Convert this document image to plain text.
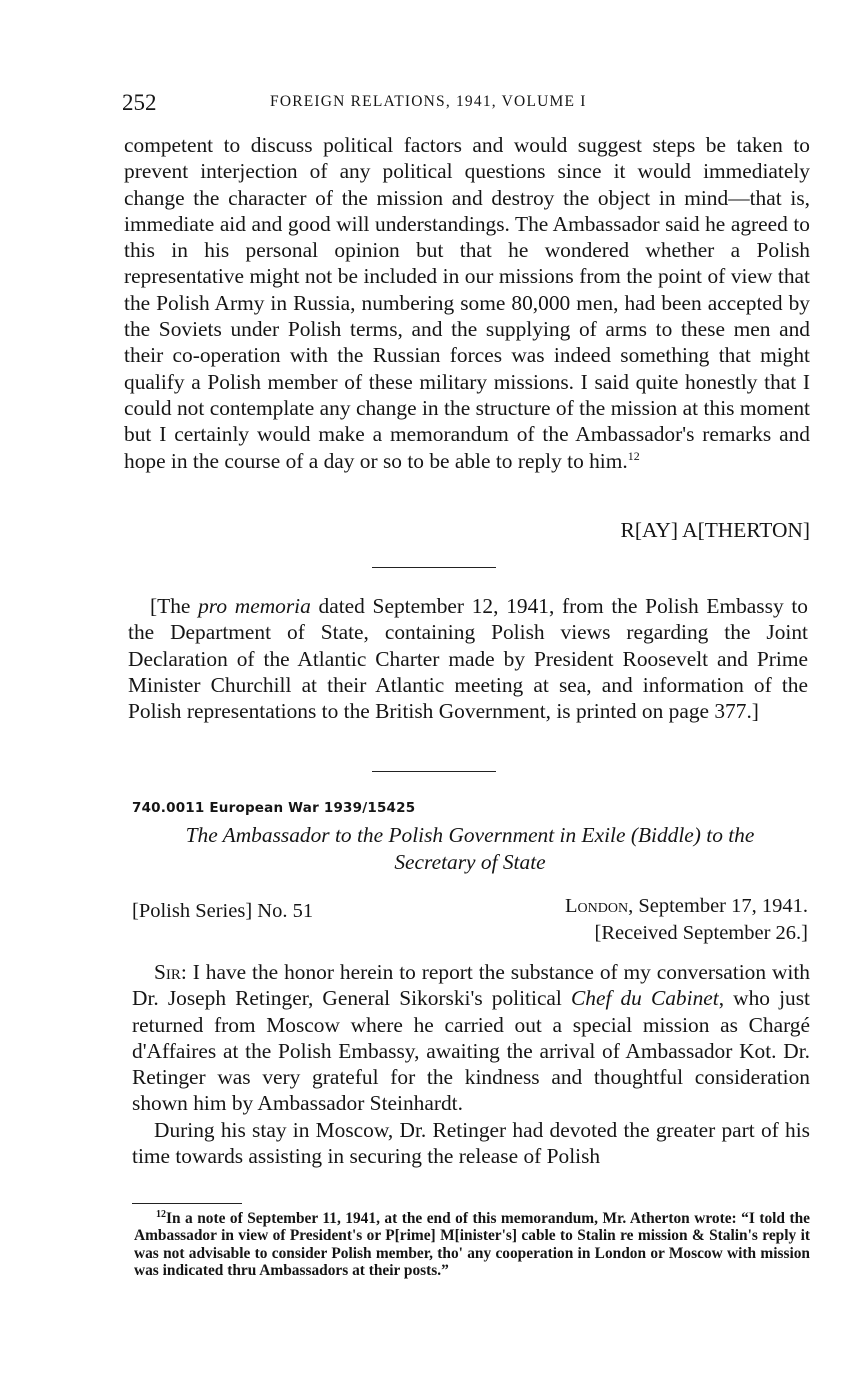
252	FOREIGN RELATIONS, 1941, VOLUME I

competent to discuss political factors and would suggest steps be taken to prevent interjection of any political questions since it would immediately change the character of the mission and destroy the object in mind—that is, immediate aid and good will understandings. The Ambassador said he agreed to this in his personal opinion but that he wondered whether a Polish representative might not be included in our missions from the point of view that the Polish Army in Russia, numbering some 80,000 men, had been accepted by the Soviets under Polish terms, and the supplying of arms to these men and their co-operation with the Russian forces was indeed something that might qualify a Polish member of these military missions. I said quite honestly that I could not contemplate any change in the structure of the mission at this moment but I certainly would make a memorandum of the Ambassador's remarks and hope in the course of a day or so to be able to reply to him.$^{12}$

R[AY] A[THERTON]

[The pro memoria dated September 12, 1941, from the Polish Embassy to the Department of State, containing Polish views regarding the Joint Declaration of the Atlantic Charter made by President Roosevelt and Prime Minister Churchill at their Atlantic meeting at sea, and information of the Polish representations to the British Government, is printed on page 377.]

740.0011 European War 1939/15425
The Ambassador to the Polish Government in Exile (Biddle) to the
Secretary of State
[Polish Series] No. 51	London, September 17, 1941.
[Received September 26.]

Sir: I have the honor herein to report the substance of my conversation with Dr. Joseph Retinger, General Sikorski's political Chef du Cabinet, who just returned from Moscow where he carried out a special mission as Chargé d'Affaires at the Polish Embassy, awaiting the arrival of Ambassador Kot. Dr. Retinger was very grateful for the kindness and thoughtful consideration shown him by Ambassador Steinhardt.

During his stay in Moscow, Dr. Retinger had devoted the greater part of his time towards assisting in securing the release of Polish

$^{12}$In a note of September 11, 1941, at the end of this memorandum, Mr. Atherton wrote: “I told the Ambassador in view of President's or P[rime] M[inister's] cable to Stalin re mission & Stalin's reply it was not advisable to consider Polish member, tho' any cooperation in London or Moscow with mission was indicated thru Ambassadors at their posts.”
